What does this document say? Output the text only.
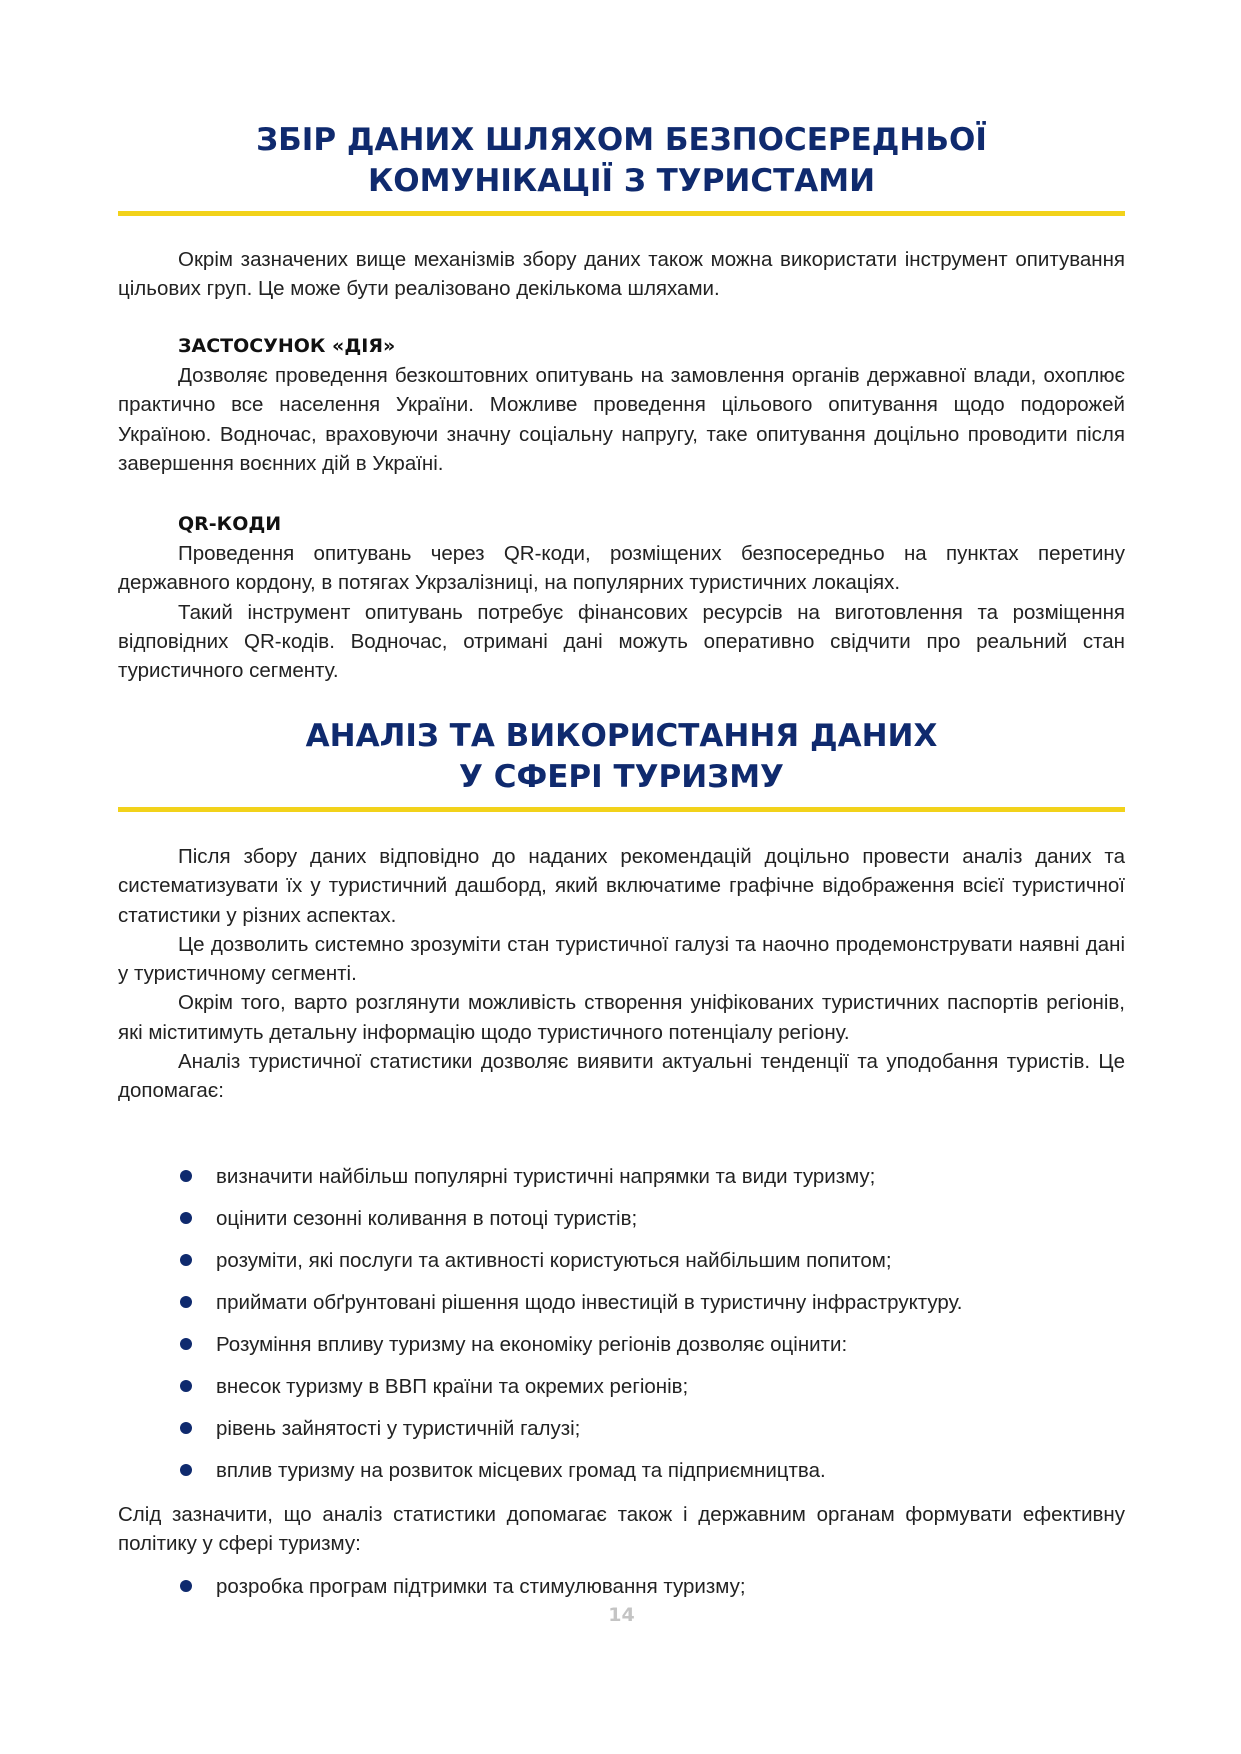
ЗБІР ДАНИХ ШЛЯХОМ БЕЗПОСЕРЕДНЬОЇ
КОМУНІКАЦІЇ З ТУРИСТАМИ

Окрім зазначених вище механізмів збору даних також можна використати інструмент опитування цільових груп. Це може бути реалізовано декількома шляхами.

ЗАСТОСУНОК «ДІЯ»

Дозволяє проведення безкоштовних опитувань на замовлення органів державної влади, охоплює практично все населення України. Можливе проведення цільового опитування щодо подорожей Україною. Водночас, враховуючи значну соціальну напругу, таке опитування доцільно проводити після завершення воєнних дій в Україні.

QR-КОДИ

Проведення опитувань через QR-коди, розміщених безпосередньо на пунктах перетину державного кордону, в потягах Укрзалізниці, на популярних туристичних локаціях.

Такий інструмент опитувань потребує фінансових ресурсів на виготовлення та розміщення відповідних QR-кодів. Водночас, отримані дані можуть оперативно свідчити про реальний стан туристичного сегменту.

АНАЛІЗ ТА ВИКОРИСТАННЯ ДАНИХ
У СФЕРІ ТУРИЗМУ

Після збору даних відповідно до наданих рекомендацій доцільно провести аналіз даних та систематизувати їх у туристичний дашборд, який включатиме графічне відображення всієї туристичної статистики у різних аспектах.

Це дозволить системно зрозуміти стан туристичної галузі та наочно продемонструвати наявні дані у туристичному сегменті.

Окрім того, варто розглянути можливість створення уніфікованих туристичних паспортів регіонів, які міститимуть детальну інформацію щодо туристичного потенціалу регіону.

Аналіз туристичної статистики дозволяє виявити актуальні тенденції та уподобання туристів. Це допомагає:

визначити найбільш популярні туристичні напрямки та види туризму;
оцінити сезонні коливання в потоці туристів;
розуміти, які послуги та активності користуються найбільшим попитом;
приймати обґрунтовані рішення щодо інвестицій в туристичну інфраструктуру.
Розуміння впливу туризму на економіку регіонів дозволяє оцінити:
внесок туризму в ВВП країни та окремих регіонів;
рівень зайнятості у туристичній галузі;
вплив туризму на розвиток місцевих громад та підприємництва.

Слід зазначити, що аналіз статистики допомагає також і державним органам формувати ефективну політику у сфері туризму:

розробка програм підтримки та стимулювання туризму;
14
